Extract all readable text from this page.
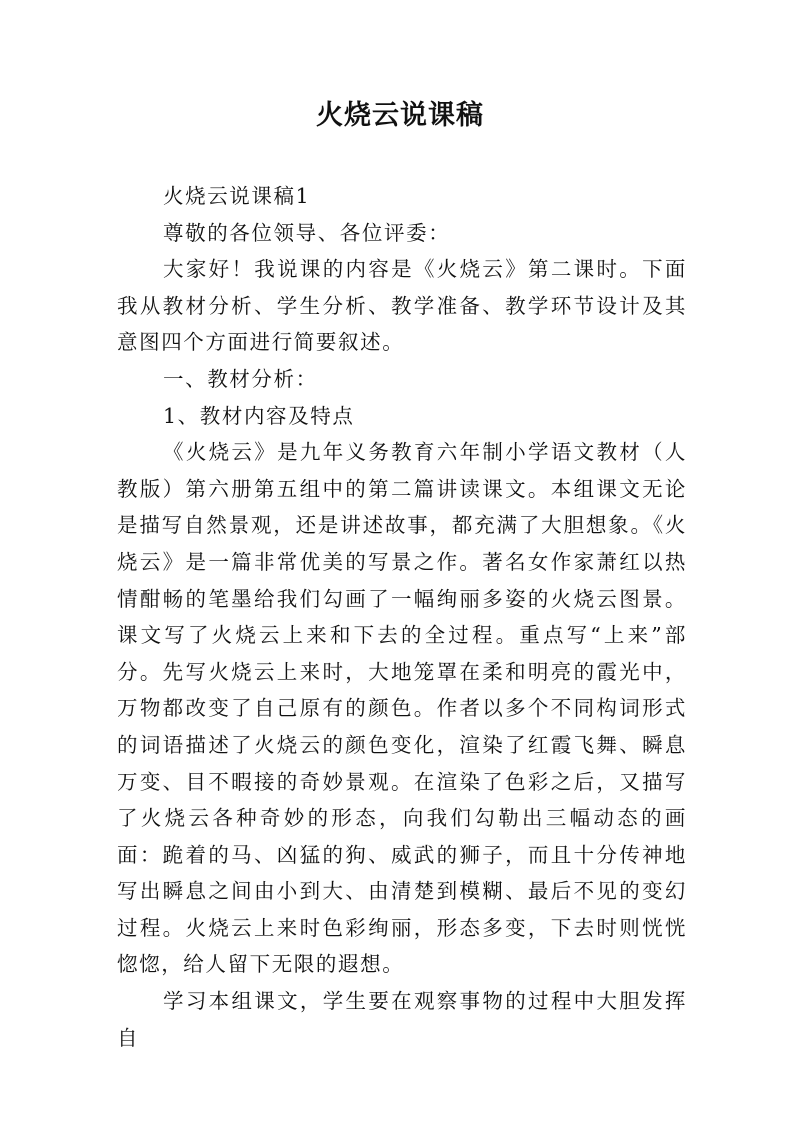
火烧云说课稿

火烧云说课稿1

尊敬的各位领导、各位评委：

大家好！我说课的内容是《火烧云》第二课时。下面我从教材分析、学生分析、教学准备、教学环节设计及其意图四个方面进行简要叙述。

一、教材分析：

1、教材内容及特点

《火烧云》是九年义务教育六年制小学语文教材（人教版）第六册第五组中的第二篇讲读课文。本组课文无论是描写自然景观，还是讲述故事，都充满了大胆想象。《火烧云》是一篇非常优美的写景之作。著名女作家萧红以热情酣畅的笔墨给我们勾画了一幅绚丽多姿的火烧云图景。课文写了火烧云上来和下去的全过程。重点写“上来”部分。先写火烧云上来时，大地笼罩在柔和明亮的霞光中，万物都改变了自己原有的颜色。作者以多个不同构词形式的词语描述了火烧云的颜色变化，渲染了红霞飞舞、瞬息万变、目不暇接的奇妙景观。在渲染了色彩之后，又描写了火烧云各种奇妙的形态，向我们勾勒出三幅动态的画面：跪着的马、凶猛的狗、威武的狮子，而且十分传神地写出瞬息之间由小到大、由清楚到模糊、最后不见的变幻过程。火烧云上来时色彩绚丽，形态多变，下去时则恍恍惚惚，给人留下无限的遐想。

学习本组课文，学生要在观察事物的过程中大胆发挥自
